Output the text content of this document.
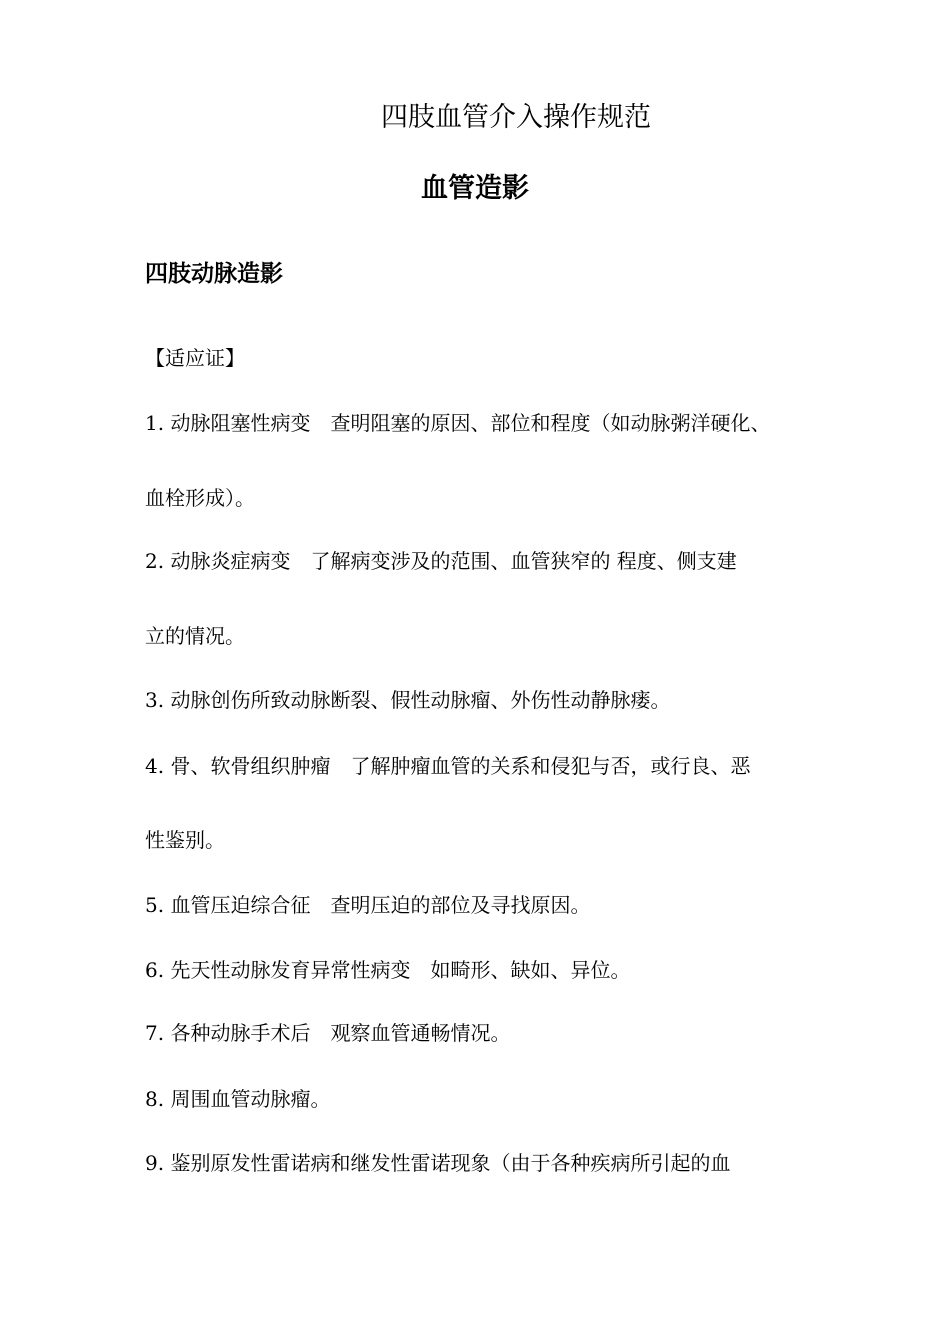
四肢血管介入操作规范
血管造影
四肢动脉造影
【适应证】
1. 动脉阻塞性病变　查明阻塞的原因、部位和程度（如动脉粥洋硬化、
血栓形成）。
2. 动脉炎症病变　了解病变涉及的范围、血管狭窄的 程度、侧支建
立的情况。
3. 动脉创伤所致动脉断裂、假性动脉瘤、外伤性动静脉瘘。
4. 骨、软骨组织肿瘤　了解肿瘤血管的关系和侵犯与否，或行良、恶
性鉴别。
5. 血管压迫综合征　查明压迫的部位及寻找原因。
6. 先天性动脉发育异常性病变　如畸形、缺如、异位。
7. 各种动脉手术后　观察血管通畅情况。
8. 周围血管动脉瘤。
9. 鉴别原发性雷诺病和继发性雷诺现象（由于各种疾病所引起的血
